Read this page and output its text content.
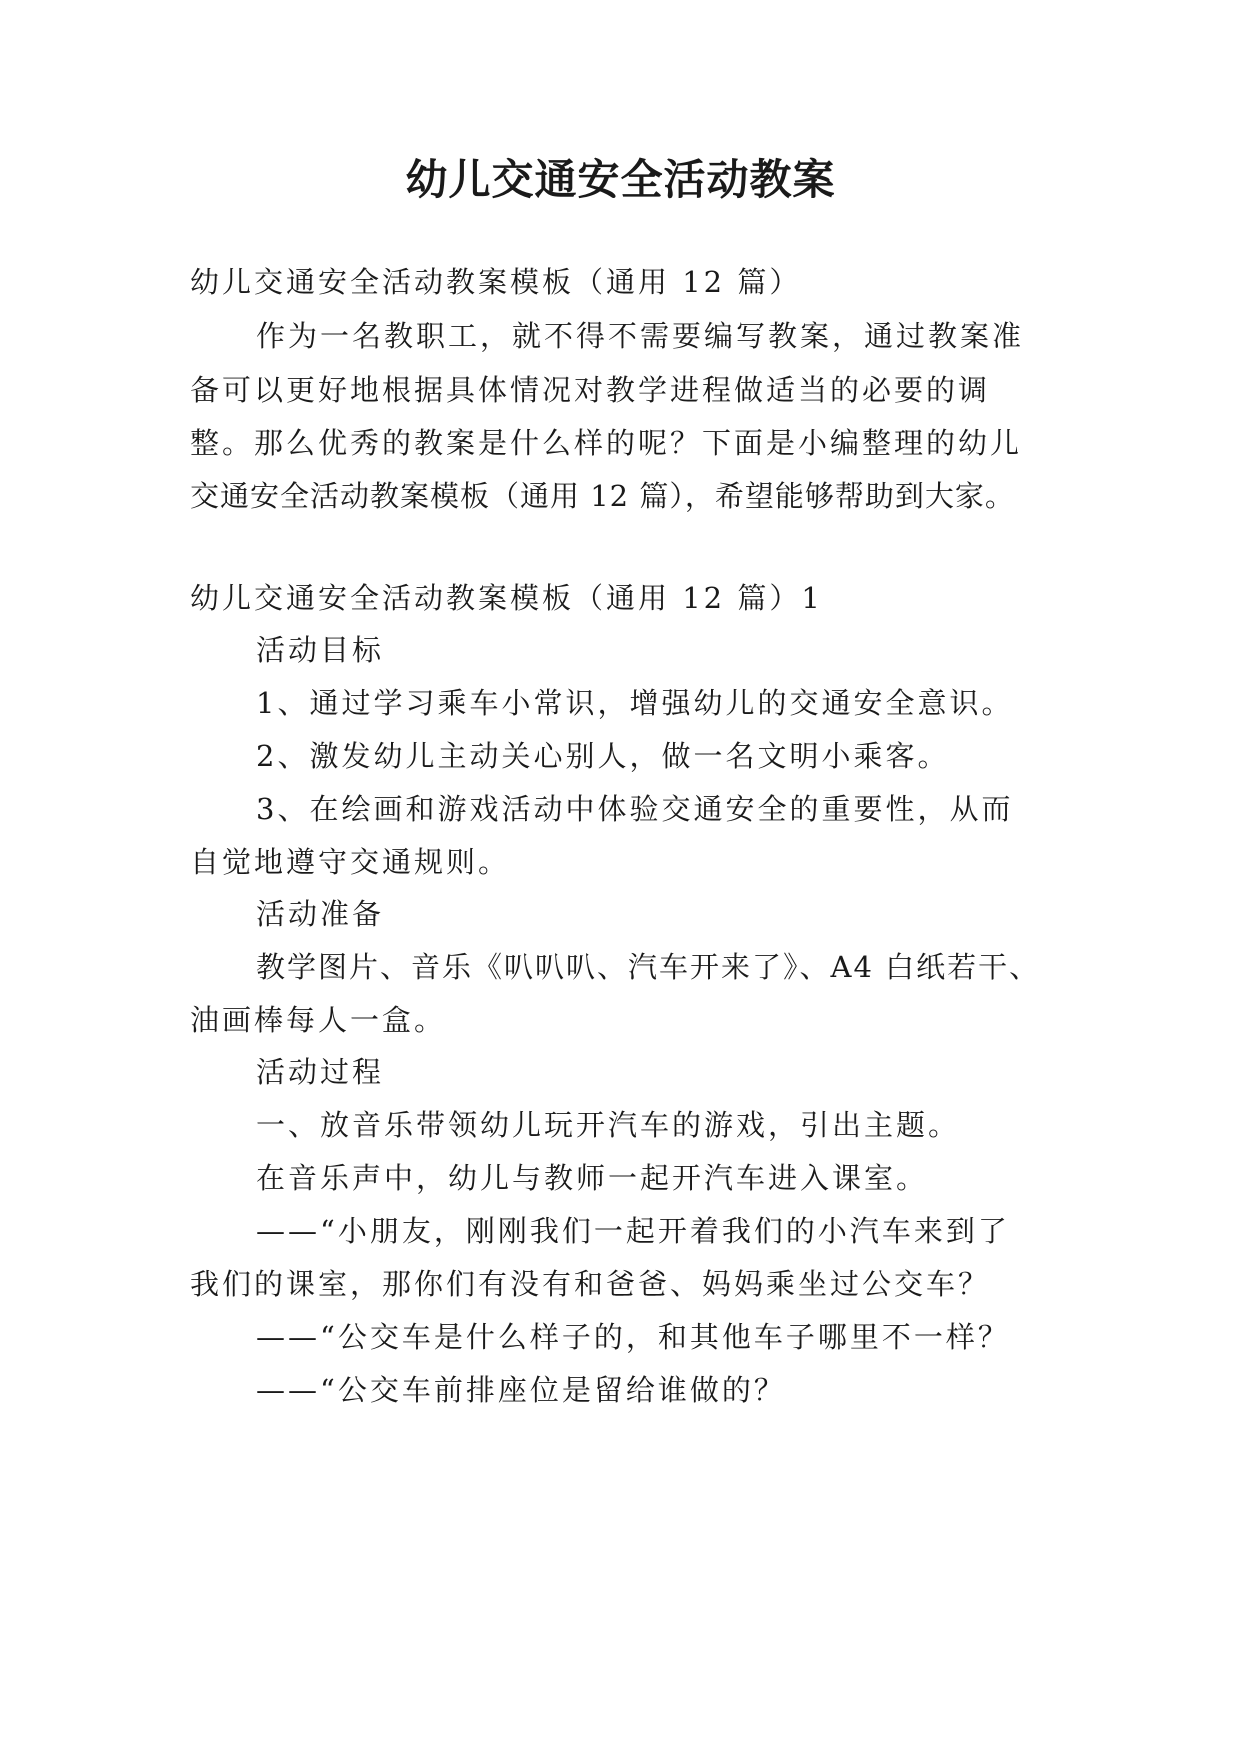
幼儿交通安全活动教案

幼儿交通安全活动教案模板（通用 12 篇）

作为一名教职工，就不得不需要编写教案，通过教案准

备可以更好地根据具体情况对教学进程做适当的必要的调

整。那么优秀的教案是什么样的呢？下面是小编整理的幼儿

交通安全活动教案模板（通用 12 篇），希望能够帮助到大家。

幼儿交通安全活动教案模板（通用 12 篇）1

活动目标

1、通过学习乘车小常识，增强幼儿的交通安全意识。

2、激发幼儿主动关心别人，做一名文明小乘客。

3、在绘画和游戏活动中体验交通安全的重要性，从而

自觉地遵守交通规则。

活动准备

教学图片、音乐《叭叭叭、汽车开来了》、A4 白纸若干、

油画棒每人一盒。

活动过程

一、放音乐带领幼儿玩开汽车的游戏，引出主题。

在音乐声中，幼儿与教师一起开汽车进入课室。

——“小朋友，刚刚我们一起开着我们的小汽车来到了

我们的课室，那你们有没有和爸爸、妈妈乘坐过公交车？

——“公交车是什么样子的，和其他车子哪里不一样？

——“公交车前排座位是留给谁做的？
